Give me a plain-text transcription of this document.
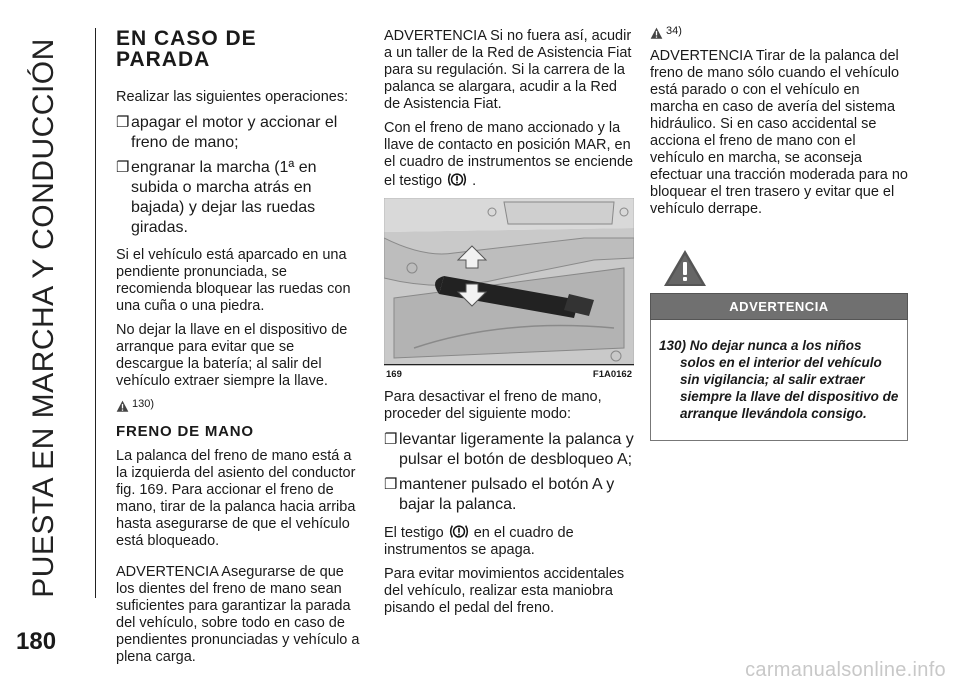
PUESTA EN MARCHA Y CONDUCCIÓN
180
EN CASO DE PARADA

Realizar las siguientes operaciones:

❐ apagar el motor y accionar el freno de mano;
❐ engranar la marcha (1ª en subida o marcha atrás en bajada) y dejar las ruedas giradas.

Si el vehículo está aparcado en una pendiente pronunciada, se recomienda bloquear las ruedas con una cuña o una piedra.

No dejar la llave en el dispositivo de arranque para evitar que se descargue la batería; al salir del vehículo extraer siempre la llave.

130)
FRENO DE MANO

La palanca del freno de mano está a la izquierda del asiento del conductor fig. 169. Para accionar el freno de mano, tirar de la palanca hacia arriba hasta asegurarse de que el vehículo está bloqueado.

ADVERTENCIA Asegurarse de que los dientes del freno de mano sean suficientes para garantizar la parada del vehículo, sobre todo en caso de pendientes pronunciadas y vehículo a plena carga.

ADVERTENCIA Si no fuera así, acudir a un taller de la Red de Asistencia Fiat para su regulación. Si la carrera de la palanca se alargara, acudir a la Red de Asistencia Fiat.

Con el freno de mano accionado y la llave de contacto en posición MAR, en el cuadro de instrumentos se enciende el testigo .

169	F1A0162

Para desactivar el freno de mano, proceder del siguiente modo:

❐ levantar ligeramente la palanca y pulsar el botón de desbloqueo A;
❐ mantener pulsado el botón A y bajar la palanca.

El testigo en el cuadro de instrumentos se apaga.

Para evitar movimientos accidentales del vehículo, realizar esta maniobra pisando el pedal del freno.

34)

ADVERTENCIA Tirar de la palanca del freno de mano sólo cuando el vehículo está parado o con el vehículo en marcha en caso de avería del sistema hidráulico. Si en caso accidental se acciona el freno de mano con el vehículo en marcha, se aconseja efectuar una tracción moderada para no bloquear el tren trasero y evitar que el vehículo derrape.

ADVERTENCIA
130) No dejar nunca a los niños solos en el interior del vehículo sin vigilancia; al salir extraer siempre la llave del dispositivo de arranque llevándola consigo.
carmanualsonline.info
